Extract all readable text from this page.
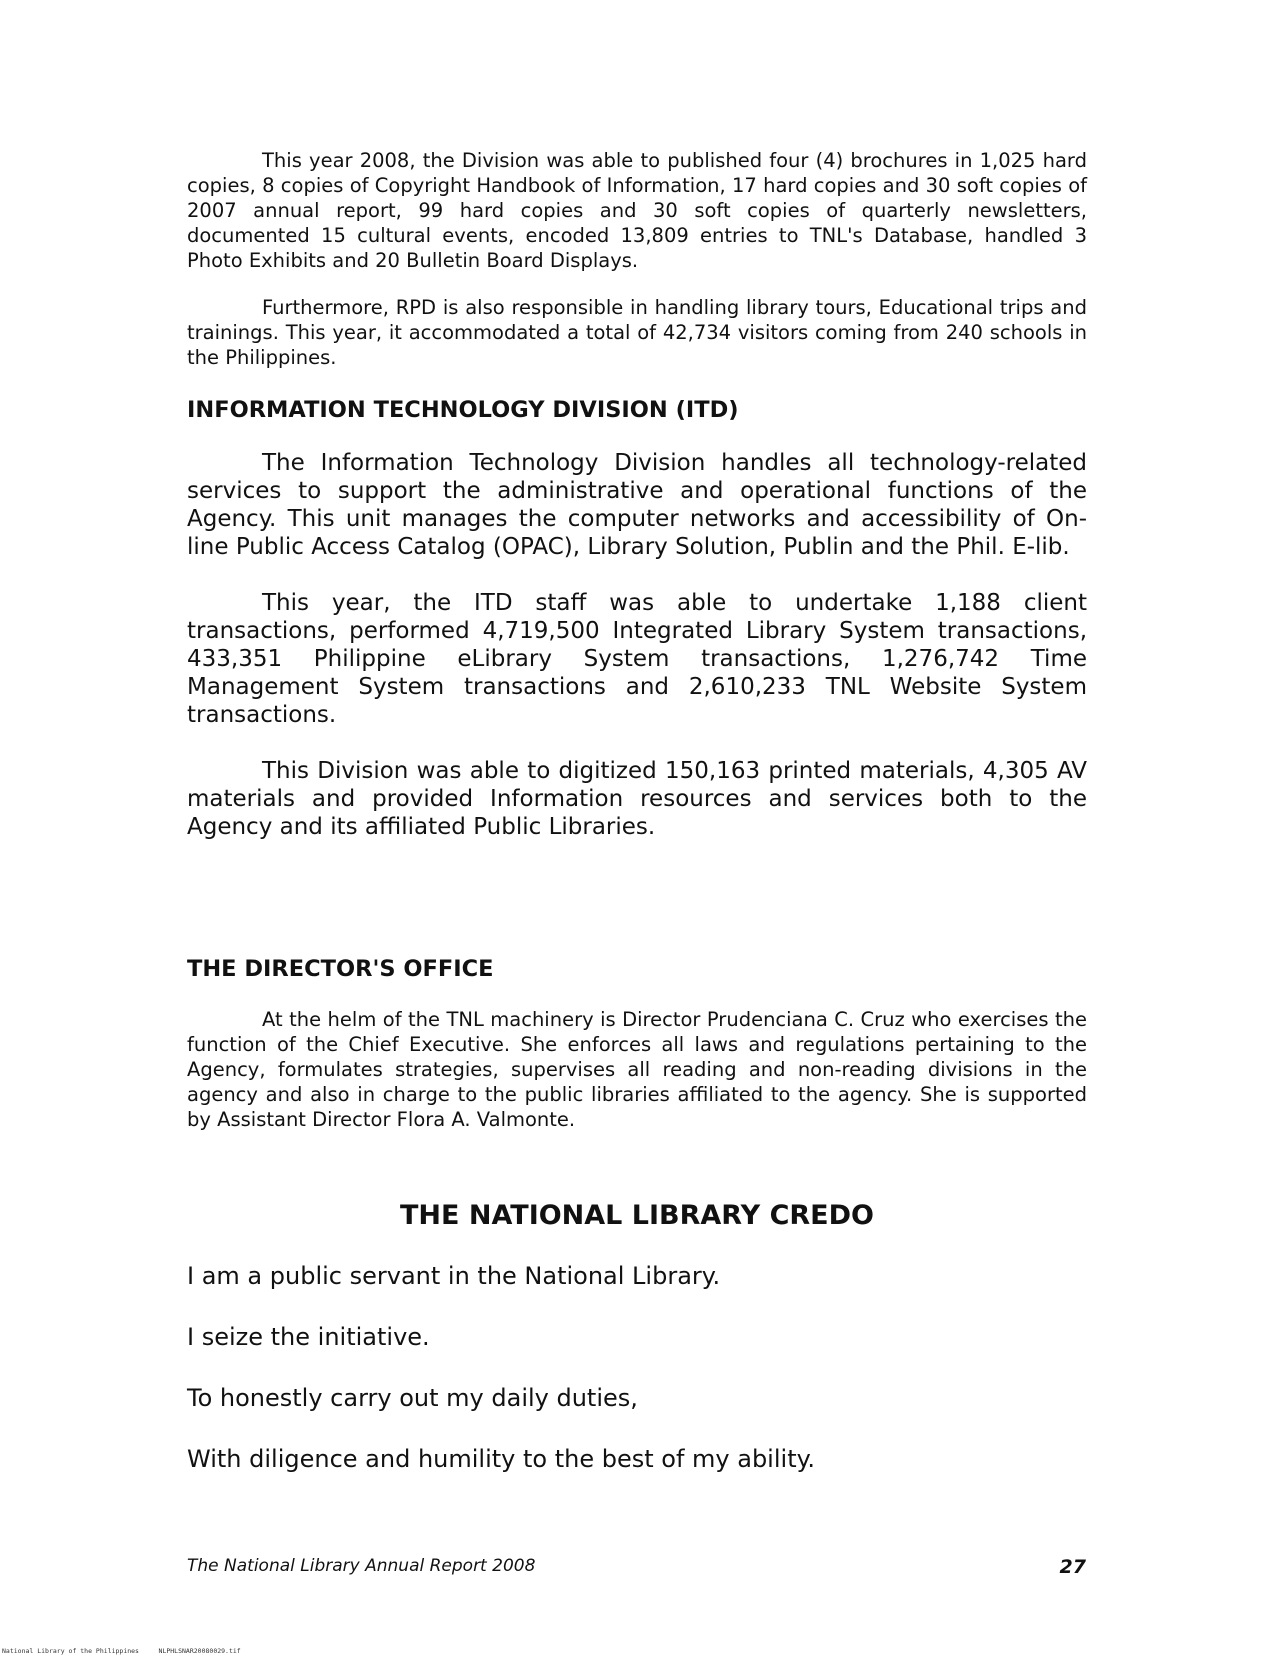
This year 2008, the Division was able to published four (4) brochures in 1,025 hard copies, 8 copies of Copyright Handbook of Information, 17 hard copies and 30 soft copies of 2007 annual report, 99 hard copies and 30 soft copies of quarterly newsletters, documented 15 cultural events, encoded 13,809 entries to TNL's Database, handled 3 Photo Exhibits and 20 Bulletin Board Displays.

Furthermore, RPD is also responsible in handling library tours, Educational trips and trainings. This year, it accommodated a total of 42,734 visitors coming from 240 schools in the Philippines.

INFORMATION TECHNOLOGY DIVISION (ITD)

The Information Technology Division handles all technology-related services to support the administrative and operational functions of the Agency. This unit manages the computer networks and accessibility of On-line Public Access Catalog (OPAC), Library Solution, Publin and the Phil. E-lib.

This year, the ITD staff was able to undertake 1,188 client transactions, performed 4,719,500 Integrated Library System transactions, 433,351 Philippine eLibrary System transactions, 1,276,742 Time Management System transactions and 2,610,233 TNL Website System transactions.

This Division was able to digitized 150,163 printed materials, 4,305 AV materials and provided Information resources and services both to the Agency and its affiliated Public Libraries.

THE DIRECTOR'S OFFICE

At the helm of the TNL machinery is Director Prudenciana C. Cruz who exercises the function of the Chief Executive. She enforces all laws and regulations pertaining to the Agency, formulates strategies, supervises all reading and non-reading divisions in the agency and also in charge to the public libraries affiliated to the agency. She is supported by Assistant Director Flora A. Valmonte.

THE NATIONAL LIBRARY CREDO

I am a public servant in the National Library.

I seize the initiative.

To honestly carry out my daily duties,

With diligence and humility to the best of my ability.

The National Library Annual Report 2008	27
National Library of the Philippines     NLPHLSNAR20080029.tif
